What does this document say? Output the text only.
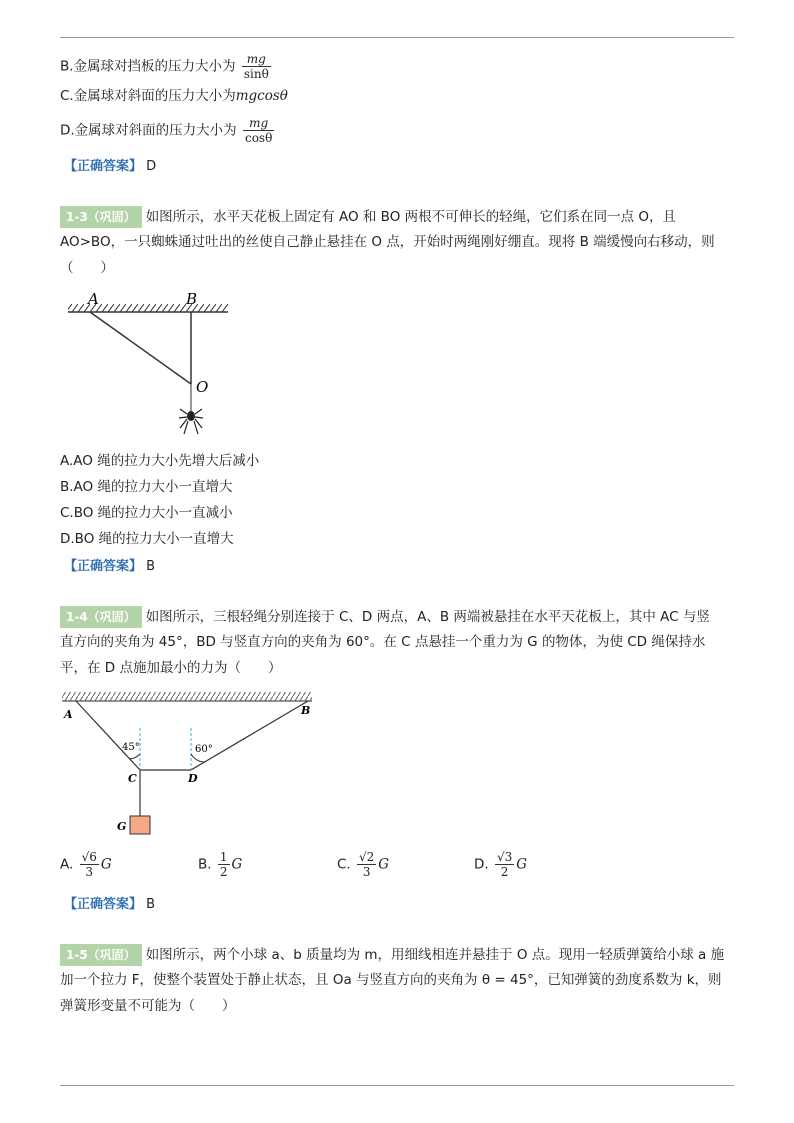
B.金属球对挡板的压力大小为 $\frac{mg}{\sin\theta}$
C.金属球对斜面的压力大小为mgcosθ
D.金属球对斜面的压力大小为 $\frac{mg}{\cos\theta}$
【正确答案】 D
1-3（巩固） 如图所示，水平天花板上固定有 AO 和 BO 两根不可伸长的轻绳，它们系在同一点 O，且
AO>BO，一只蜘蛛通过吐出的丝使自己静止悬挂在 O 点，开始时两绳刚好绷直。现将 B 端缓慢向右移动，则
（　　）
A	B
O
A.AO 绳的拉力大小先增大后减小
B.AO 绳的拉力大小一直增大
C.BO 绳的拉力大小一直减小
D.BO 绳的拉力大小一直增大
【正确答案】 B
1-4（巩固） 如图所示，三根轻绳分别连接于 C、D 两点，A、B 两端被悬挂在水平天花板上，其中 AC 与竖
直方向的夹角为 45°，BD 与竖直方向的夹角为 60°。在 C 点悬挂一个重力为 G 的物体，为使 CD 绳保持水
平，在 D 点施加最小的力为（　　）
A	B
C	D
G
45°	60°
A. $\frac{√6}{3}$ G	B. $\frac{1}{2}$ G	C. $\frac{√2}{3}$ G	D. $\frac{√3}{2}$ G
【正确答案】 B
1-5（巩固） 如图所示，两个小球 a、b 质量均为 m，用细线相连并悬挂于 O 点。现用一轻质弹簧给小球 a 施
加一个拉力 F，使整个装置处于静止状态，且 Oa 与竖直方向的夹角为 θ = 45°，已知弹簧的劲度系数为 k，则
弹簧形变量不可能为（　　）
